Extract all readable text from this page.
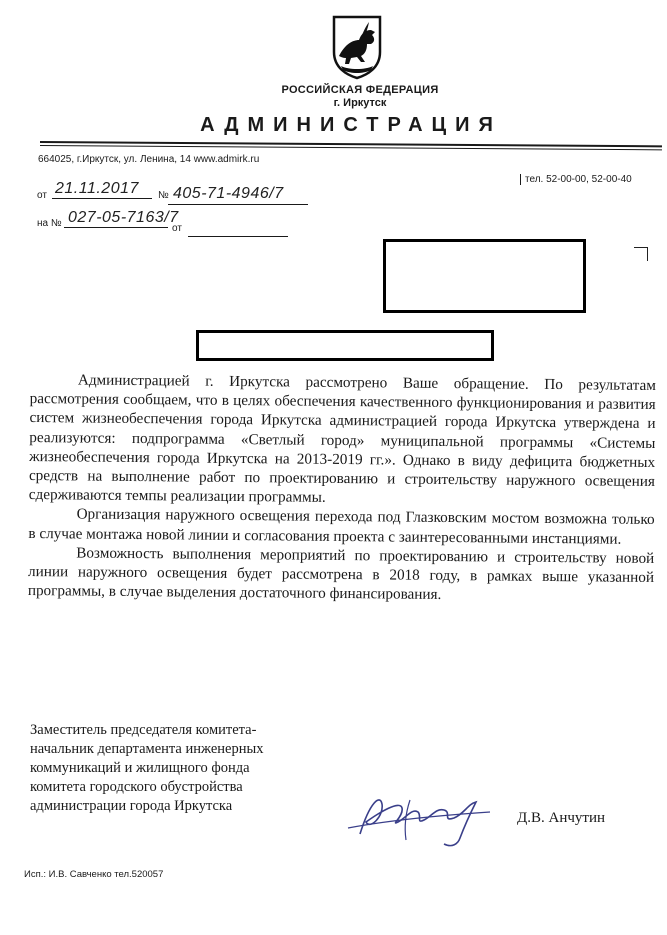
РОССИЙСКАЯ ФЕДЕРАЦИЯ
г. Иркутск
АДМИНИСТРАЦИЯ
664025, г.Иркутск, ул. Ленина, 14 www.admirk.ru
тел. 52-00-00, 52-00-40
от 21.11.2017 № 405-71-4946/7
на № 027-05-7163/7
от

Администрацией г. Иркутска рассмотрено Ваше обращение. По результатам рассмотрения сообщаем, что в целях обеспечения качественного функционирования и развития систем жизнеобеспечения города Иркутска администрацией города Иркутска утверждена и реализуются: подпрограмма «Светлый город» муниципальной программы «Системы жизнеобеспечения города Иркутска на 2013-2019 гг.». Однако в виду дефицита бюджетных средств на выполнение работ по проектированию и строительству наружного освещения сдерживаются темпы реализации программы.

Организация наружного освещения перехода под Глазковским мостом возможна только в случае монтажа новой линии и согласования проекта с заинтересованными инстанциями.

Возможность выполнения мероприятий по проектированию и строительству новой линии наружного освещения будет рассмотрена в 2018 году, в рамках выше указанной программы, в случае выделения достаточного финансирования.

Заместитель председателя комитета-
начальник департамента инженерных
коммуникаций и жилищного фонда
комитета городского обустройства
администрации города Иркутска
Д.В. Анчутин
Исп.: И.В. Савченко тел.520057
